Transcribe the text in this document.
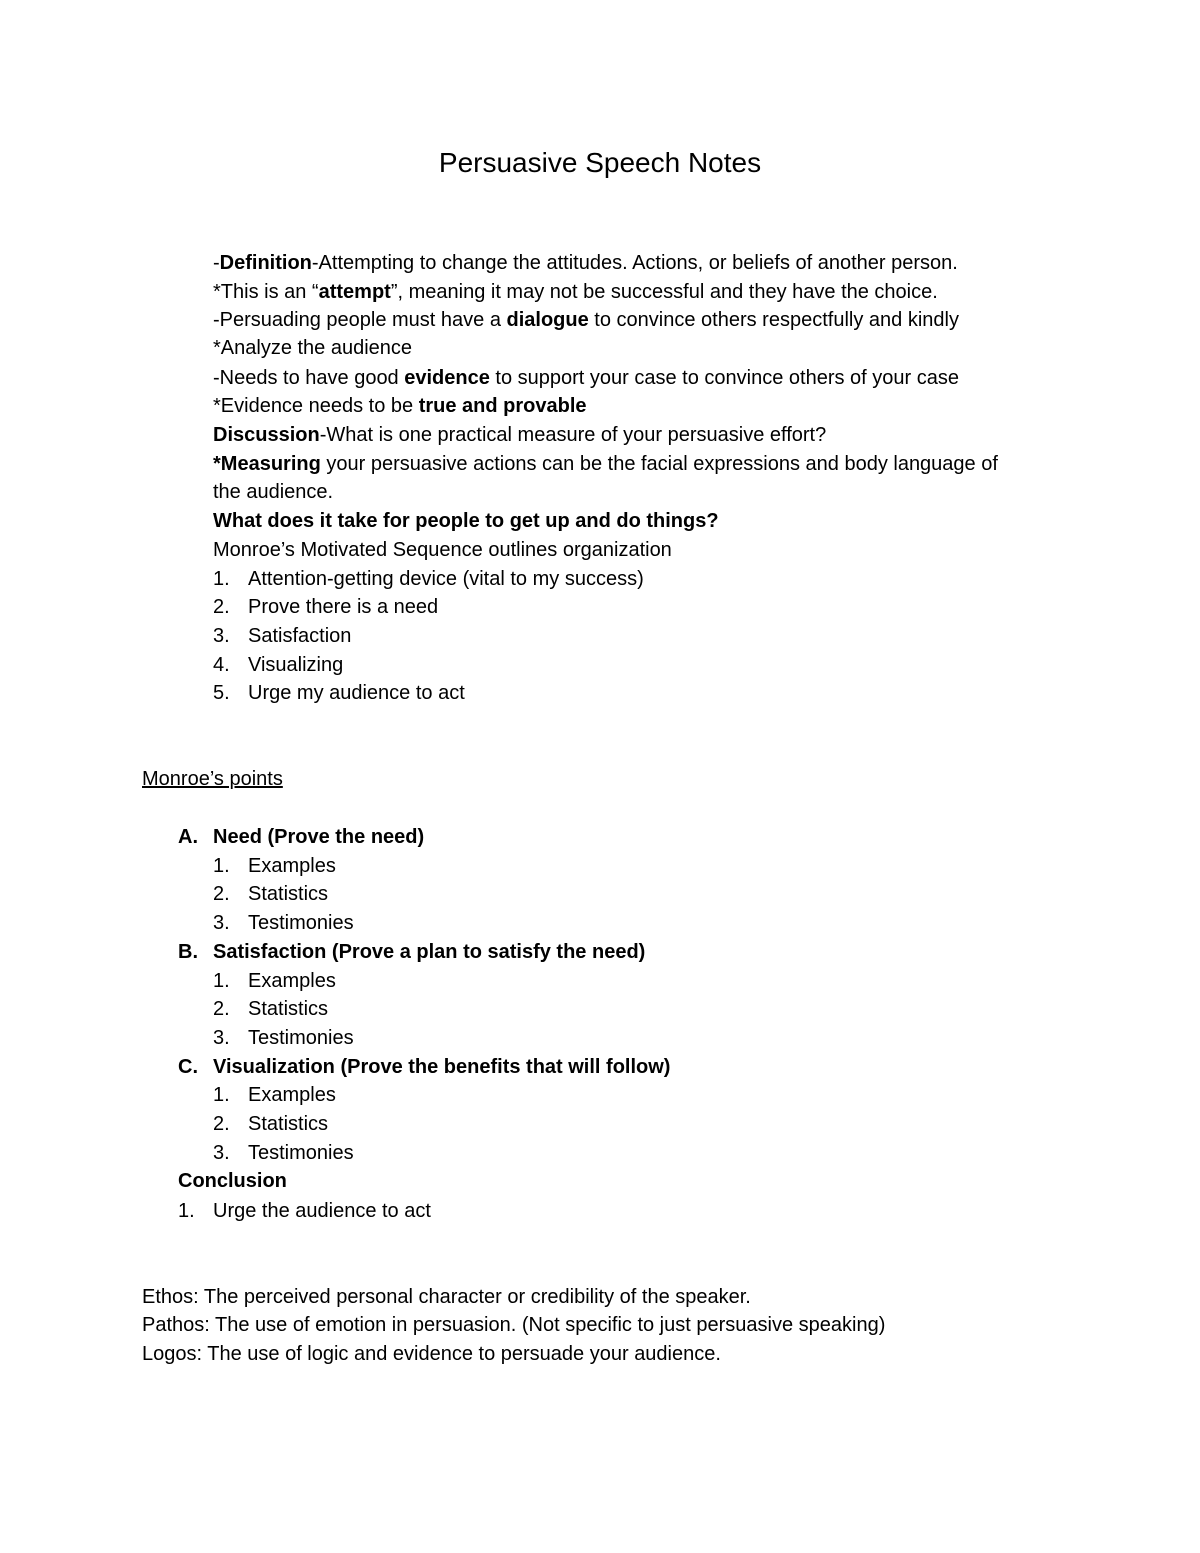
Persuasive Speech Notes
-Definition-Attempting to change the attitudes. Actions, or beliefs of another person.
*This is an “attempt”, meaning it may not be successful and they have the choice.
-Persuading people must have a dialogue to convince others respectfully and kindly
*Analyze the audience
-Needs to have good evidence to support your case to convince others of your case
*Evidence needs to be true and provable
Discussion-What is one practical measure of your persuasive effort?
*Measuring your persuasive actions can be the facial expressions and body language of
the audience.
What does it take for people to get up and do things?
Monroe’s Motivated Sequence outlines organization
1. Attention-getting device (vital to my success)
2. Prove there is a need
3. Satisfaction
4. Visualizing
5. Urge my audience to act
Monroe’s points
A. Need (Prove the need)
1. Examples
2. Statistics
3. Testimonies
B. Satisfaction (Prove a plan to satisfy the need)
1. Examples
2. Statistics
3. Testimonies
C. Visualization (Prove the benefits that will follow)
1. Examples
2. Statistics
3. Testimonies
Conclusion
1. Urge the audience to act
Ethos: The perceived personal character or credibility of the speaker.
Pathos: The use of emotion in persuasion. (Not specific to just persuasive speaking)
Logos: The use of logic and evidence to persuade your audience.
